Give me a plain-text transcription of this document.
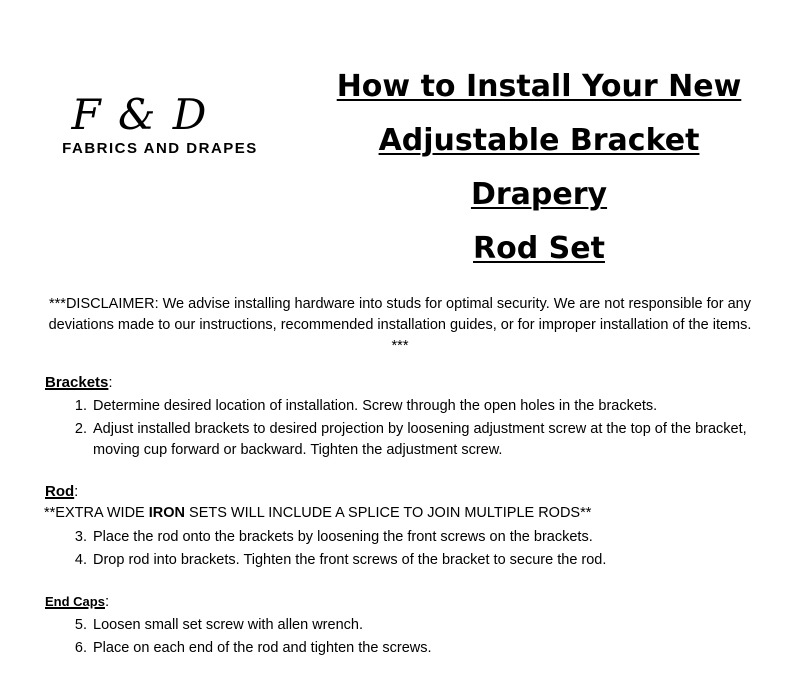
F & D
FABRICS AND DRAPES
How to Install Your New
Adjustable Bracket Drapery
Rod Set

***DISCLAIMER: We advise installing hardware into studs for optimal security. We are not responsible for any deviations made to our instructions, recommended installation guides, or for improper installation of the items. ***

Brackets:
1. Determine desired location of installation. Screw through the open holes in the brackets.
2. Adjust installed brackets to desired projection by loosening adjustment screw at the top of the bracket, moving cup forward or backward. Tighten the adjustment screw.
Rod:

**EXTRA WIDE IRON SETS WILL INCLUDE A SPLICE TO JOIN MULTIPLE RODS**

3. Place the rod onto the brackets by loosening the front screws on the brackets.
4. Drop rod into brackets. Tighten the front screws of the bracket to secure the rod.
End Caps:
5. Loosen small set screw with allen wrench.
6. Place on each end of the rod and tighten the screws.
